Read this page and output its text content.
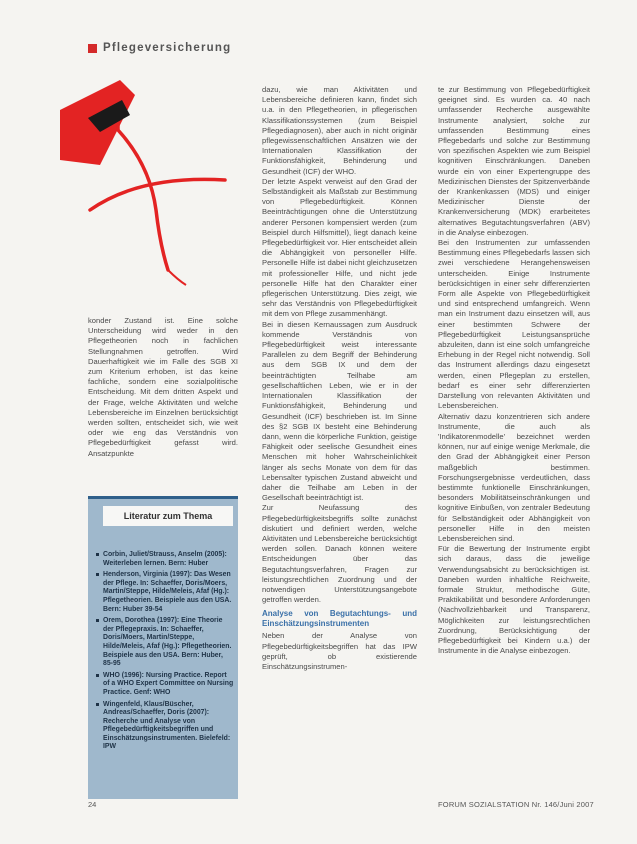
Pflegeversicherung

konder Zustand ist. Eine solche Unterscheidung wird weder in den Pflegetheorien noch in fachlichen Stellungnahmen getroffen. Wird Dauerhaftigkeit wie im Falle des SGB XI zum Kriterium erhoben, ist das keine fachliche, sondern eine sozialpolitische Entscheidung. Mit dem dritten Aspekt und der Frage, welche Aktivitäten und welche Lebensbereiche im Einzelnen berücksichtigt werden sollten, entscheidet sich, wie weit oder wie eng das Verständnis von Pflegebedürftigkeit gefasst wird. Ansatzpunkte

Literatur zum Thema
Corbin, Juliet/Strauss, Anselm (2005): Weiterleben lernen. Bern: Huber
Henderson, Virginia (1997): Das Wesen der Pflege. In: Schaeffer, Doris/Moers, Martin/Steppe, Hilde/Meleis, Afaf (Hg.): Pflegetheorien. Beispiele aus den USA. Bern: Huber 39-54
Orem, Dorothea (1997): Eine Theorie der Pflegepraxis. In: Schaeffer, Doris/Moers, Martin/Steppe, Hilde/Meleis, Afaf (Hg.): Pflegetheorien. Beispiele aus den USA. Bern: Huber, 85-95
WHO (1996): Nursing Practice. Report of a WHO Expert Committee on Nursing Practice. Genf: WHO
Wingenfeld, Klaus/Büscher, Andreas/Schaeffer, Doris (2007): Recherche und Analyse von Pflegebedürftigkeitsbegriffen und Einschätzungsinstrumenten. Bielefeld: IPW

dazu, wie man Aktivitäten und Lebensbereiche definieren kann, findet sich u.a. in den Pflegetheorien, in pflegerischen Klassifikationssystemen (zum Beispiel Pflegediagnosen), aber auch in nicht originär pflegewissenschaftlichen Ansätzen wie der Internationalen Klassifikation der Funktionsfähigkeit, Behinderung und Gesundheit (ICF) der WHO.

Der letzte Aspekt verweist auf den Grad der Selbständigkeit als Maßstab zur Bestimmung von Pflegebedürftigkeit. Können Beeinträchtigungen ohne die Unterstützung anderer Personen kompensiert werden (zum Beispiel durch Hilfsmittel), liegt danach keine Pflegebedürftigkeit vor. Hier entscheidet allein die Abhängigkeit von personeller Hilfe. Personelle Hilfe ist dabei nicht gleichzusetzen mit professioneller Hilfe, und nicht jede personelle Hilfe hat den Charakter einer pflegerischen Unterstützung. Dies zeigt, wie sehr das Verständnis von Pflegebedürftigkeit mit dem von Pflege zusammenhängt.

Bei in diesen Kernaussagen zum Ausdruck kommende Verständnis von Pflegebedürftigkeit weist interessante Parallelen zu dem Begriff der Behinderung aus dem SGB IX und dem der beeinträchtigten Teilhabe am gesellschaftlichen Leben, wie er in der Internationalen Klassifikation der Funktionsfähigkeit, Behinderung und Gesundheit (ICF) beschrieben ist. Im Sinne des §2 SGB IX besteht eine Behinderung dann, wenn die körperliche Funktion, geistige Fähigkeit oder seelische Gesundheit eines Menschen mit hoher Wahrscheinlichkeit länger als sechs Monate von dem für das Lebensalter typischen Zustand abweicht und daher die Teilhabe am Leben in der Gesellschaft beeinträchtigt ist.

Zur Neufassung des Pflegebedürftigkeitsbegriffs sollte zunächst diskutiert und definiert werden, welche Aktivitäten und Lebensbereiche berücksichtigt werden sollen. Danach können weitere Entscheidungen über das Begutachtungsverfahren, Fragen zur leistungsrechtlichen Zuordnung und der notwendigen Unterstützungsangebote getroffen werden.

Analyse von Begutachtungs- und Einschätzungsinstrumenten

Neben der Analyse von Pflegebedürftigkeitsbegriffen hat das IPW geprüft, ob existierende Einschätzungsinstrumen-

te zur Bestimmung von Pflegebedürftigkeit geeignet sind. Es wurden ca. 40 nach umfassender Recherche ausgewählte Instrumente analysiert, solche zur umfassenden Bestimmung eines Pflegebedarfs und solche zur Bestimmung von spezifischen Aspekten wie zum Beispiel kognitiven Einschränkungen. Daneben wurde ein von einer Expertengruppe des Medizinischen Dienstes der Spitzenverbände der Krankenkassen (MDS) und einiger Medizinischer Dienste der Krankenversicherung (MDK) erarbeitetes alternatives Begutachtungsverfahren (ABV) in die Analyse einbezogen.

Bei den Instrumenten zur umfassenden Bestimmung eines Pflegebedarfs lassen sich zwei verschiedene Herangehensweisen unterscheiden. Einige Instrumente berücksichtigen in einer sehr differenzierten Form alle Aspekte von Pflegebedürftigkeit und sind entsprechend umfangreich. Wenn man ein Instrument dazu einsetzen will, aus einer bestimmten Schwere der Pflegebedürftigkeit Leistungsansprüche abzuleiten, dann ist eine solch umfangreiche Erhebung in der Regel nicht notwendig. Soll das Instrument allerdings dazu eingesetzt werden, einen Pflegeplan zu erstellen, bedarf es einer sehr differenzierten Darstellung von relevanten Aktivitäten und Lebensbereichen.

Alternativ dazu konzentrieren sich andere Instrumente, die auch als 'Indikatorenmodelle' bezeichnet werden können, nur auf einige wenige Merkmale, die den Grad der Abhängigkeit einer Person maßgeblich bestimmen. Forschungsergebnisse verdeutlichen, dass bestimmte funktionelle Einschränkungen, besonders Mobilitätseinschränkungen und kognitive Einbußen, von zentraler Bedeutung für Selbständigkeit oder Abhängigkeit von personeller Hilfe in den meisten Lebensbereichen sind.

Für die Bewertung der Instrumente ergibt sich daraus, dass die jeweilige Verwendungsabsicht zu berücksichtigen ist. Daneben wurden inhaltliche Reichweite, formale Struktur, methodische Güte, Praktikabilität und besondere Anforderungen (Nachvollziehbarkeit und Transparenz, Möglichkeiten zur leistungsrechtlichen Zuordnung, Berücksichtigung der Pflegebedürftigkeit bei Kindern u.a.) der Instrumente in die Analyse einbezogen.

24	FORUM SOZIALSTATION Nr. 146/Juni 2007
